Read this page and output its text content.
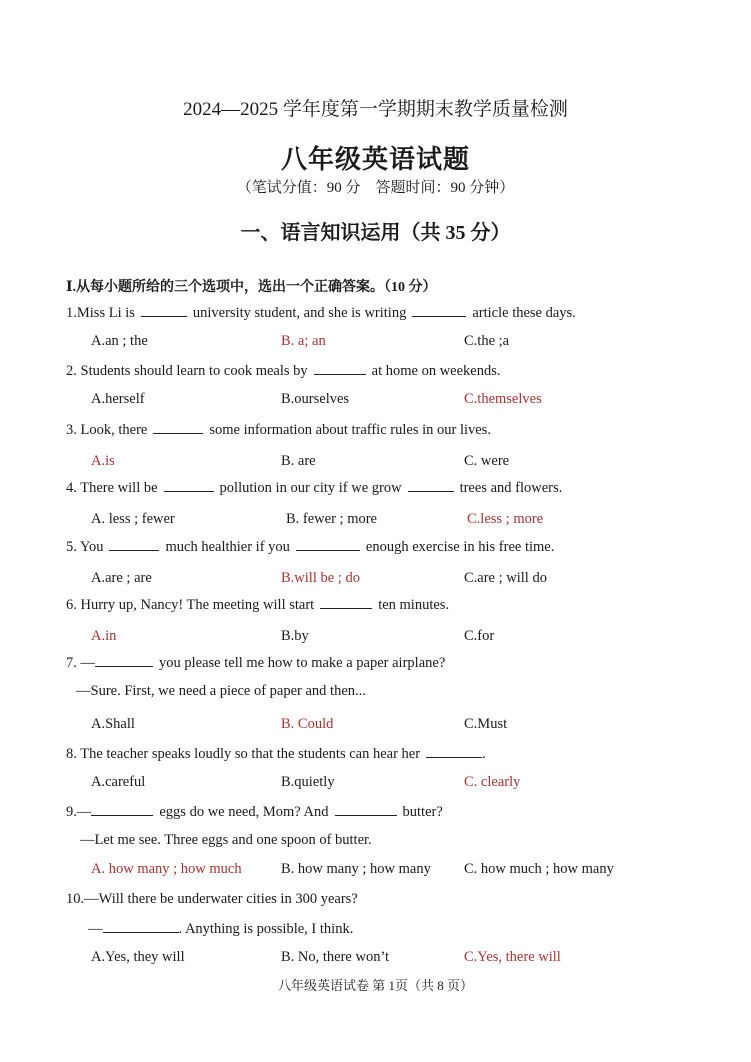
2024—2025 学年度第一学期期末教学质量检测
八年级英语试题
（笔试分值：90 分　答题时间：90 分钟）
一、语言知识运用（共 35 分）
Ⅰ.从每小题所给的三个选项中，选出一个正确答案。（10 分）
1.Miss Li is	university student, and she is writing	article these days.
A.an ; the	B. a; an	C.the ;a
2. Students should learn to cook meals by	at home on weekends.
A.herself	B.ourselves	C.themselves
3. Look, there	some information about traffic rules in our lives.
A.is	B. are	C. were
4. There will be	pollution in our city if we grow	trees and flowers.
A. less ; fewer	B. fewer ; more	C.less ; more
5. You	much healthier if you	enough exercise in his free time.
A.are ; are	B.will be ; do	C.are ; will do
6. Hurry up, Nancy! The meeting will start	ten minutes.
A.in	B.by	C.for
7. —	you please tell me how to make a paper airplane?
—Sure. First, we need a piece of paper and then...
A.Shall	B. Could	C.Must
8. The teacher speaks loudly so that the students can hear her	.
A.careful	B.quietly	C. clearly
9.—	eggs do we need, Mom? And	butter?
—Let me see. Three eggs and one spoon of butter.
A. how many ; how much	B. how many ; how many C. how much ; how many
10.—Will there be underwater cities in 300 years?
—	. Anything is possible, I think.
A.Yes, they will	B. No, there won’t	C.Yes, there will
八年级英语试卷 第 1页（共 8 页）
